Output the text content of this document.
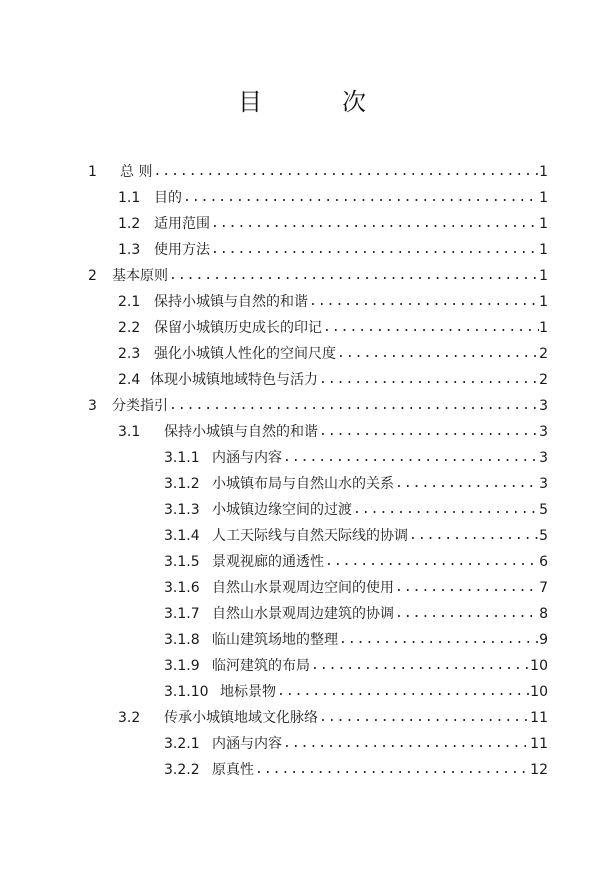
目　次
1	总 则 .....	1
1.1 目的 .....	1
1.2 适用范围 .....	1
1.3 使用方法 .....	1
2	基本原则 .....	1
2.1 保持小城镇与自然的和谐 .....	1
2.2 保留小城镇历史成长的印记 .....	1
2.3 强化小城镇人性化的空间尺度 .....	2
2.4 体现小城镇地域特色与活力 .....	2
3	分类指引 .....	3
3.1	保持小城镇与自然的和谐 .....	3
3.1.1 内涵与内容 .....	3
3.1.2 小城镇布局与自然山水的关系 .....	3
3.1.3 小城镇边缘空间的过渡 .....	5
3.1.4 人工天际线与自然天际线的协调 .....	5
3.1.5 景观视廊的通透性 .....	6
3.1.6 自然山水景观周边空间的使用 .....	7
3.1.7 自然山水景观周边建筑的协调 .....	8
3.1.8 临山建筑场地的整理 .....	9
3.1.9 临河建筑的布局 .....	10
3.1.10 地标景物 .....	10
3.2	传承小城镇地域文化脉络 .....	11
3.2.1 内涵与内容 .....	11
3.2.2 原真性 .....	12
